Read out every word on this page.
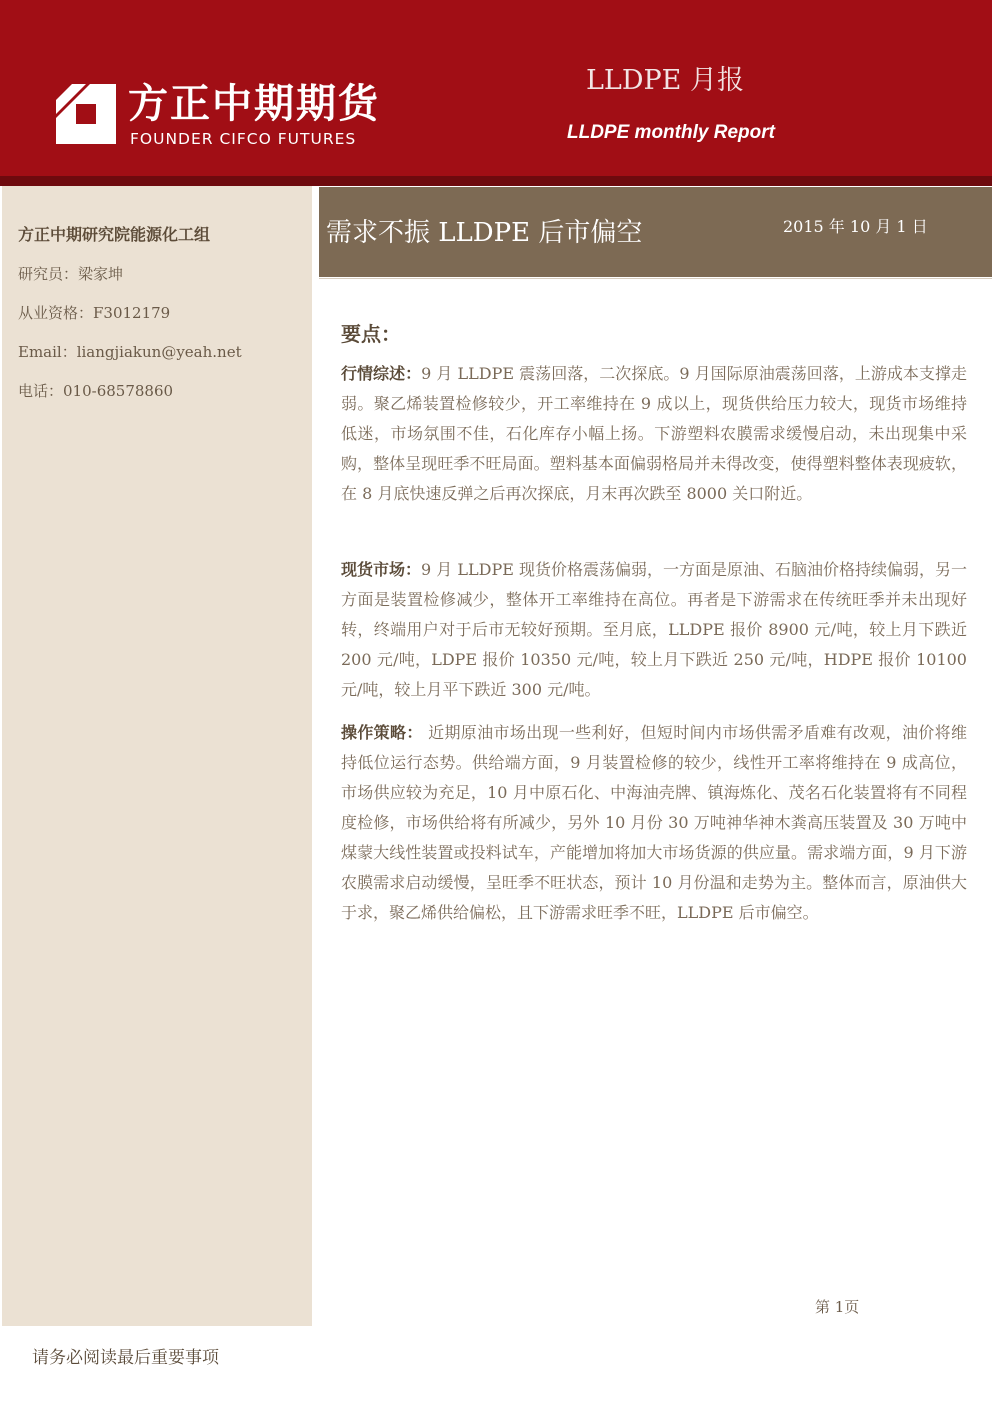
方正中期期货
FOUNDER CIFCO FUTURES
LLDPE 月报
LLDPE monthly Report
方正中期研究院能源化工组
研究员：梁家坤
从业资格：F3012179
Email：liangjiakun@yeah.net
电话：010-68578860
需求不振 LLDPE 后市偏空	2015 年 10 月 1 日
要点：
行情综述：9 月 LLDPE 震荡回落，二次探底。9 月国际原油震荡回落，上游成本支撑走弱。聚乙烯装置检修较少，开工率维持在 9 成以上，现货供给压力较大，现货市场维持低迷，市场氛围不佳，石化库存小幅上扬。下游塑料农膜需求缓慢启动，未出现集中采购，整体呈现旺季不旺局面。塑料基本面偏弱格局并未得改变，使得塑料整体表现疲软，在 8 月底快速反弹之后再次探底，月末再次跌至 8000 关口附近。
现货市场：9 月 LLDPE 现货价格震荡偏弱，一方面是原油、石脑油价格持续偏弱，另一方面是装置检修减少，整体开工率维持在高位。再者是下游需求在传统旺季并未出现好转，终端用户对于后市无较好预期。至月底，LLDPE 报价 8900 元/吨，较上月下跌近 200 元/吨，LDPE 报价 10350 元/吨，较上月下跌近 250 元/吨，HDPE 报价 10100 元/吨，较上月平下跌近 300 元/吨。
操作策略： 近期原油市场出现一些利好，但短时间内市场供需矛盾难有改观，油价将维持低位运行态势。供给端方面，9 月装置检修的较少，线性开工率将维持在 9 成高位，市场供应较为充足，10 月中原石化、中海油壳牌、镇海炼化、茂名石化装置将有不同程度检修，市场供给将有所减少，另外 10 月份 30 万吨神华神木粪高压装置及 30 万吨中煤蒙大线性装置或投料试车，产能增加将加大市场货源的供应量。需求端方面，9 月下游农膜需求启动缓慢，呈旺季不旺状态，预计 10 月份温和走势为主。整体而言，原油供大于求，聚乙烯供给偏松，且下游需求旺季不旺，LLDPE 后市偏空。
第 1页
请务必阅读最后重要事项
